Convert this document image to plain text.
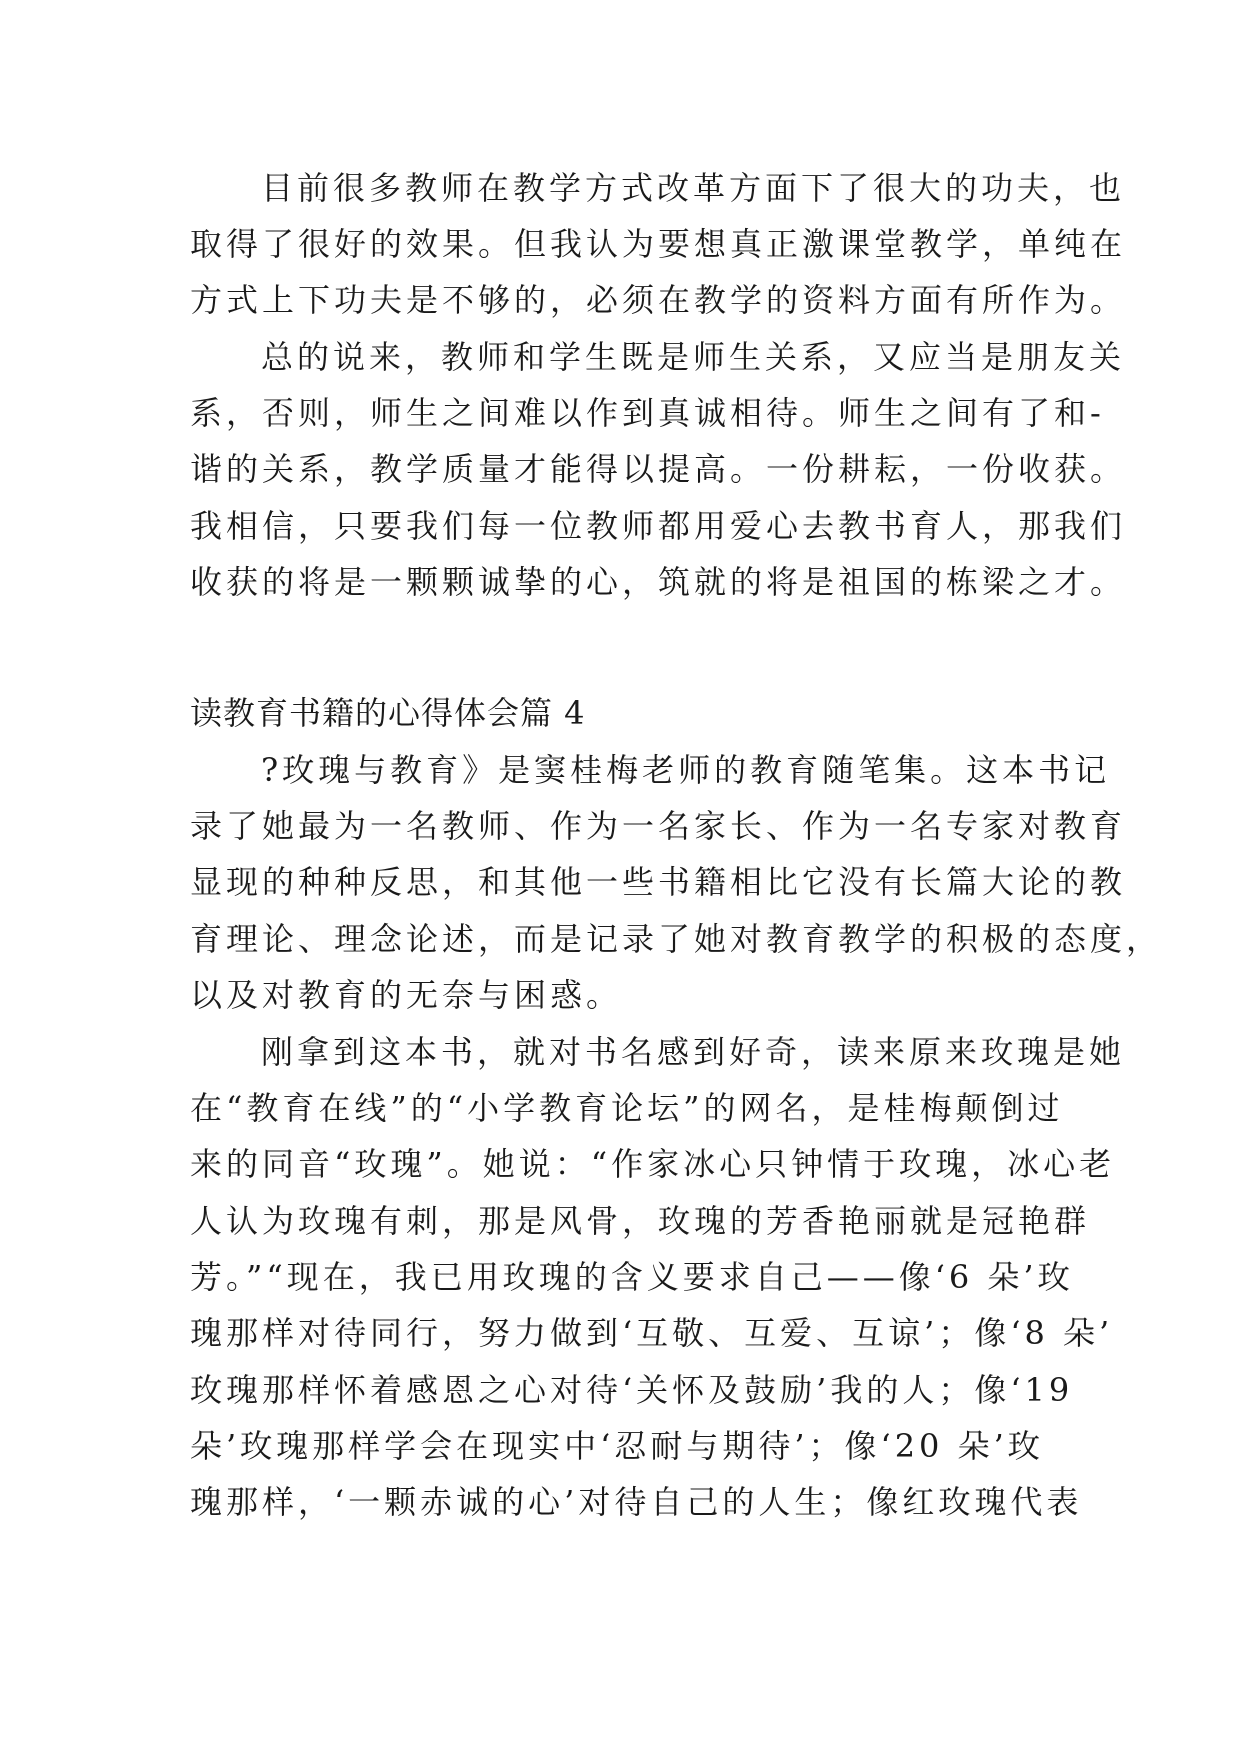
目前很多教师在教学方式改革方面下了很大的功夫，也
取得了很好的效果。但我认为要想真正激课堂教学，单纯在
方式上下功夫是不够的，必须在教学的资料方面有所作为。
总的说来，教师和学生既是师生关系，又应当是朋友关
系，否则，师生之间难以作到真诚相待。师生之间有了和-
谐的关系，教学质量才能得以提高。一份耕耘，一份收获。
我相信，只要我们每一位教师都用爱心去教书育人，那我们
收获的将是一颗颗诚挚的心，筑就的将是祖国的栋梁之才。
读教育书籍的心得体会篇 4
?玫瑰与教育》是窦桂梅老师的教育随笔集。这本书记
录了她最为一名教师、作为一名家长、作为一名专家对教育
显现的种种反思，和其他一些书籍相比它没有长篇大论的教
育理论、理念论述，而是记录了她对教育教学的积极的态度，
以及对教育的无奈与困惑。
刚拿到这本书，就对书名感到好奇，读来原来玫瑰是她
在“教育在线”的“小学教育论坛”的网名，是桂梅颠倒过
来的同音“玫瑰”。她说：“作家冰心只钟情于玫瑰，冰心老
人认为玫瑰有刺，那是风骨，玫瑰的芳香艳丽就是冠艳群
芳。”“现在，我已用玫瑰的含义要求自己——像‘6 朵’玫
瑰那样对待同行，努力做到‘互敬、互爱、互谅’；像‘8 朵’
玫瑰那样怀着感恩之心对待‘关怀及鼓励’我的人；像‘19
朵’玫瑰那样学会在现实中‘忍耐与期待’；像‘20 朵’玫
瑰那样，‘一颗赤诚的心’对待自己的人生；像红玫瑰代表
